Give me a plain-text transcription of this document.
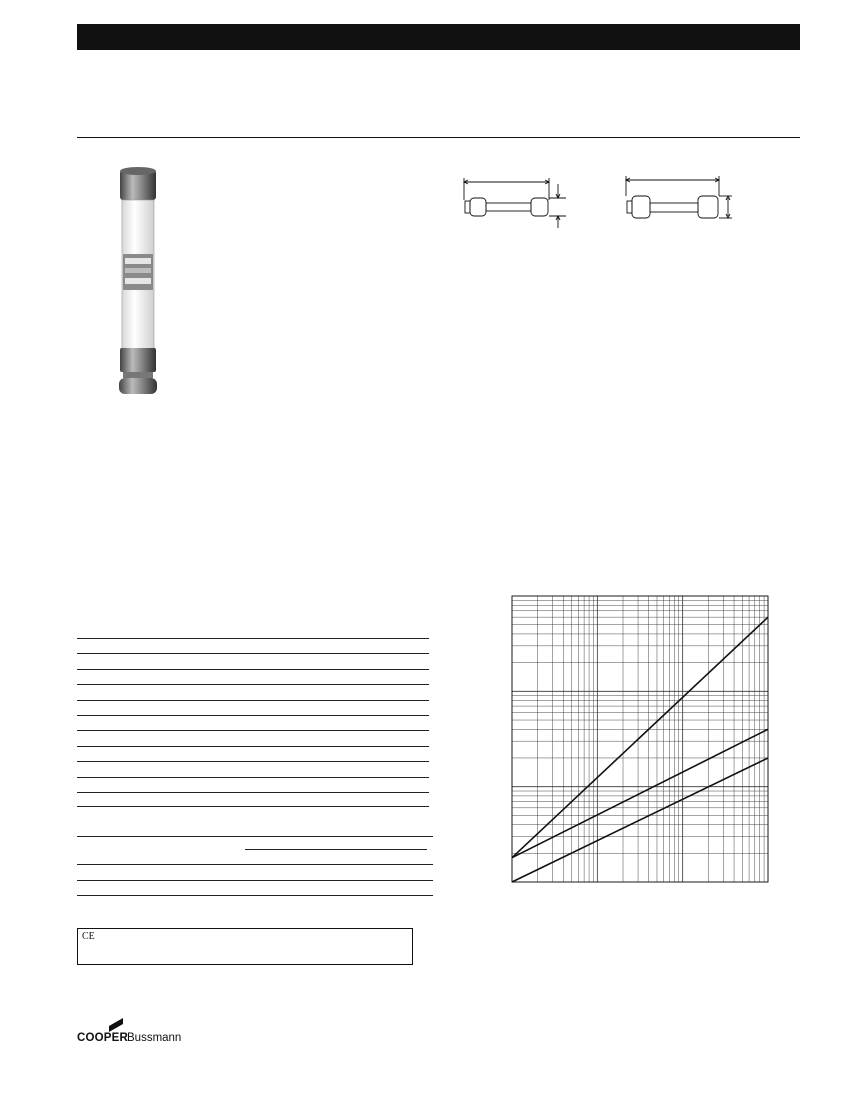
CE
COOPER
Bussmann
